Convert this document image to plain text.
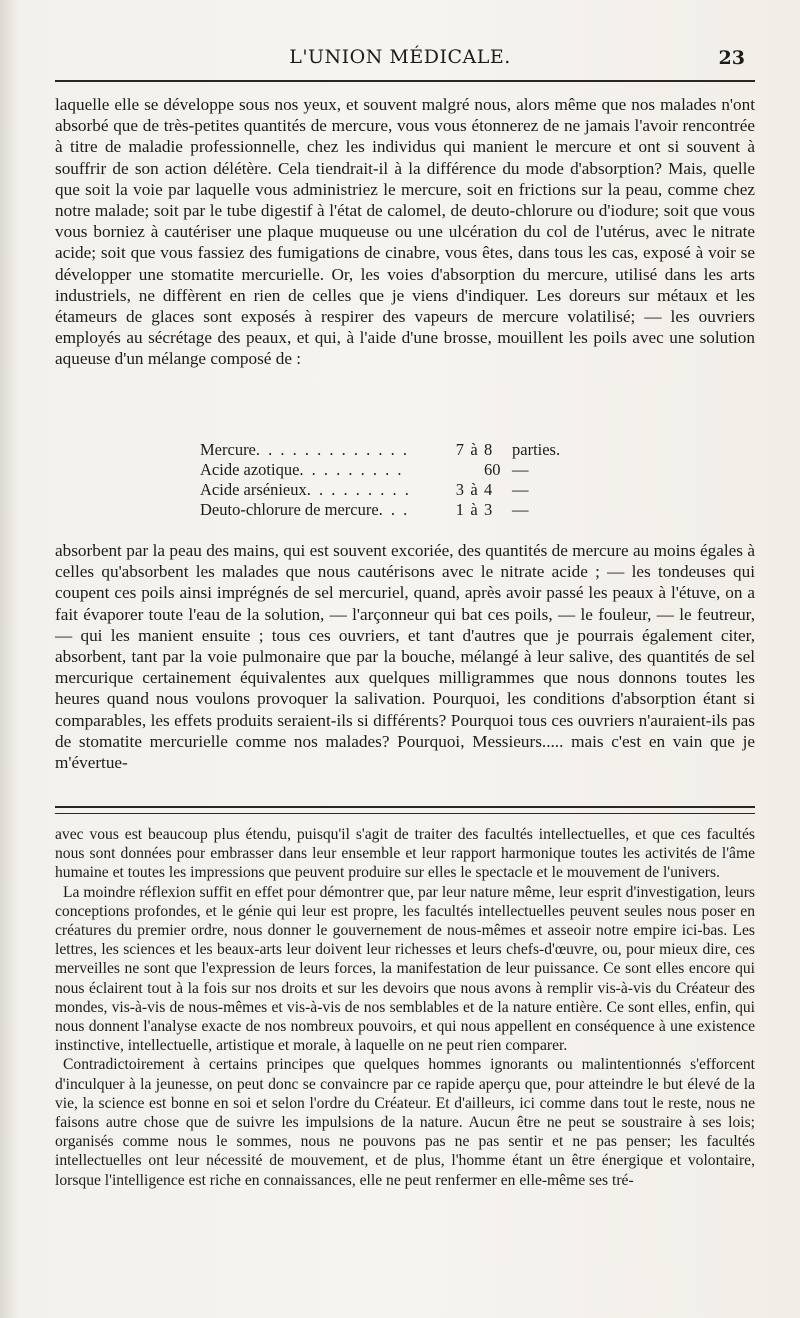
L'UNION MÉDICALE.	23

laquelle elle se développe sous nos yeux, et souvent malgré nous, alors même que nos malades n'ont absorbé que de très-petites quantités de mercure, vous vous étonnerez de ne jamais l'avoir rencontrée à titre de maladie professionnelle, chez les individus qui manient le mercure et ont si souvent à souffrir de son action délétère. Cela tiendrait-il à la différence du mode d'absorption? Mais, quelle que soit la voie par laquelle vous administriez le mercure, soit en frictions sur la peau, comme chez notre malade; soit par le tube digestif à l'état de calomel, de deuto-chlorure ou d'iodure; soit que vous vous borniez à cautériser une plaque muqueuse ou une ulcération du col de l'utérus, avec le nitrate acide; soit que vous fassiez des fumigations de cinabre, vous êtes, dans tous les cas, exposé à voir se développer une stomatite mercurielle. Or, les voies d'absorption du mercure, utilisé dans les arts industriels, ne diffèrent en rien de celles que je viens d'indiquer. Les doreurs sur métaux et les étameurs de glaces sont exposés à respirer des vapeurs de mercure volatilisé; — les ouvriers employés au sécrétage des peaux, et qui, à l'aide d'une brosse, mouillent les poils avec une solution aqueuse d'un mélange composé de :

Mercure. . . . . . . . . . . . .	7	à	8	parties.
Acide azotique. . . . . . . . .			60	—
Acide arsénieux. . . . . . . . .	3	à	4	—
Deuto-chlorure de mercure. . .	1	à	3	—

absorbent par la peau des mains, qui est souvent excoriée, des quantités de mercure au moins égales à celles qu'absorbent les malades que nous cautérisons avec le nitrate acide ; — les tondeuses qui coupent ces poils ainsi imprégnés de sel mercuriel, quand, après avoir passé les peaux à l'étuve, on a fait évaporer toute l'eau de la solution, — l'arçonneur qui bat ces poils, — le fouleur, — le feutreur, — qui les manient ensuite ; tous ces ouvriers, et tant d'autres que je pourrais également citer, absorbent, tant par la voie pulmonaire que par la bouche, mélangé à leur salive, des quantités de sel mercurique certainement équivalentes aux quelques milligrammes que nous donnons toutes les heures quand nous voulons provoquer la salivation. Pourquoi, les conditions d'absorption étant si comparables, les effets produits seraient-ils si différents? Pourquoi tous ces ouvriers n'auraient-ils pas de stomatite mercurielle comme nos malades? Pourquoi, Messieurs..... mais c'est en vain que je m'évertue-

avec vous est beaucoup plus étendu, puisqu'il s'agit de traiter des facultés intellectuelles, et que ces facultés nous sont données pour embrasser dans leur ensemble et leur rapport harmonique toutes les activités de l'âme humaine et toutes les impressions que peuvent produire sur elles le spectacle et le mouvement de l'univers.

La moindre réflexion suffit en effet pour démontrer que, par leur nature même, leur esprit d'investigation, leurs conceptions profondes, et le génie qui leur est propre, les facultés intellectuelles peuvent seules nous poser en créatures du premier ordre, nous donner le gouvernement de nous-mêmes et asseoir notre empire ici-bas. Les lettres, les sciences et les beaux-arts leur doivent leur richesses et leurs chefs-d'œuvre, ou, pour mieux dire, ces merveilles ne sont que l'expression de leurs forces, la manifestation de leur puissance. Ce sont elles encore qui nous éclairent tout à la fois sur nos droits et sur les devoirs que nous avons à remplir vis-à-vis du Créateur des mondes, vis-à-vis de nous-mêmes et vis-à-vis de nos semblables et de la nature entière. Ce sont elles, enfin, qui nous donnent l'analyse exacte de nos nombreux pouvoirs, et qui nous appellent en conséquence à une existence instinctive, intellectuelle, artistique et morale, à laquelle on ne peut rien comparer.

Contradictoirement à certains principes que quelques hommes ignorants ou malintentionnés s'efforcent d'inculquer à la jeunesse, on peut donc se convaincre par ce rapide aperçu que, pour atteindre le but élevé de la vie, la science est bonne en soi et selon l'ordre du Créateur. Et d'ailleurs, ici comme dans tout le reste, nous ne faisons autre chose que de suivre les impulsions de la nature. Aucun être ne peut se soustraire à ses lois; organisés comme nous le sommes, nous ne pouvons pas ne pas sentir et ne pas penser; les facultés intellectuelles ont leur nécessité de mouvement, et de plus, l'homme étant un être énergique et volontaire, lorsque l'intelligence est riche en connaissances, elle ne peut renfermer en elle-même ses tré-
